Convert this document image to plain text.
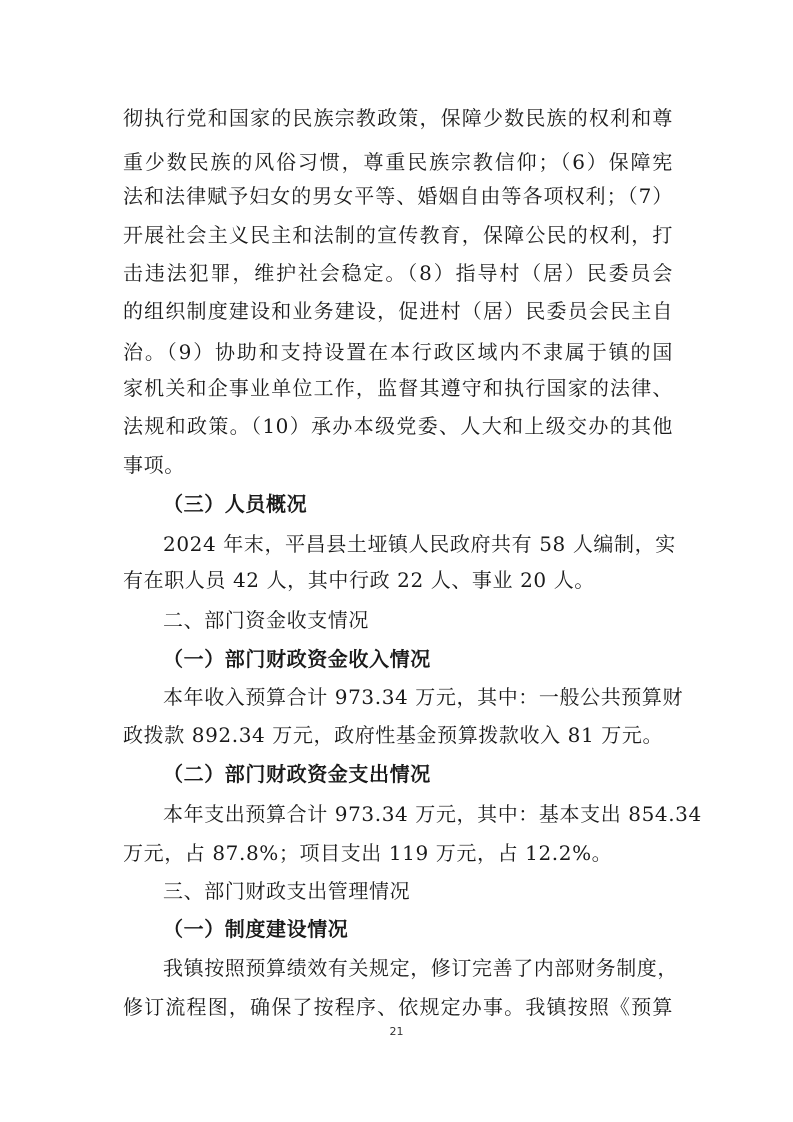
彻执行党和国家的民族宗教政策，保障少数民族的权利和尊
重少数民族的风俗习惯，尊重民族宗教信仰；（6）保障宪
法和法律赋予妇女的男女平等、婚姻自由等各项权利；（7）
开展社会主义民主和法制的宣传教育，保障公民的权利，打
击违法犯罪，维护社会稳定。（8）指导村（居）民委员会
的组织制度建设和业务建设，促进村（居）民委员会民主自
治。（9）协助和支持设置在本行政区域内不隶属于镇的国
家机关和企事业单位工作，监督其遵守和执行国家的法律、
法规和政策。（10）承办本级党委、人大和上级交办的其他
事项。
（三）人员概况
2024 年末，平昌县土垭镇人民政府共有 58 人编制，实
有在职人员 42 人，其中行政 22 人、事业 20 人。
二、部门资金收支情况
（一）部门财政资金收入情况
本年收入预算合计 973.34 万元，其中：一般公共预算财
政拨款 892.34 万元，政府性基金预算拨款收入 81 万元。
（二）部门财政资金支出情况
本年支出预算合计 973.34 万元，其中：基本支出 854.34
万元，占 87.8%；项目支出 119 万元，占 12.2%。
三、部门财政支出管理情况
（一）制度建设情况
我镇按照预算绩效有关规定，修订完善了内部财务制度，
修订流程图，确保了按程序、依规定办事。我镇按照《预算
21
